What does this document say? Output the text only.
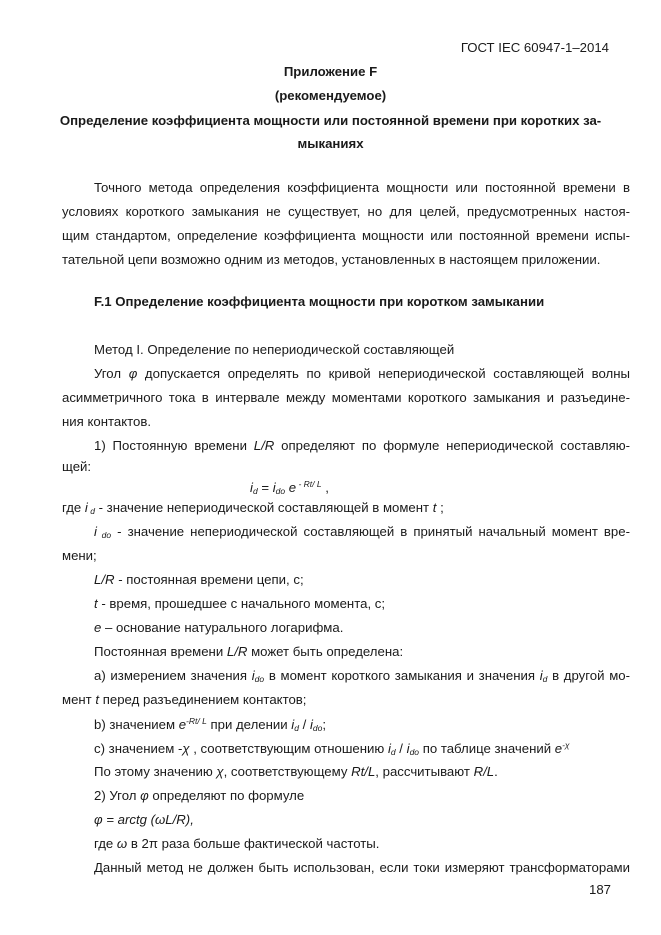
ГОСТ IEC 60947-1–2014
Приложение F
(рекомендуемое)
Определение коэффициента мощности или постоянной времени при коротких за-
мыканиях
Точного метода определения коэффициента мощности или постоянной времени в
условиях короткого замыкания не существует, но для целей, предусмотренных настоя-
щим стандартом, определение коэффициента мощности или постоянной времени испы-
тательной цепи возможно одним из методов, установленных в настоящем приложении.
F.1 Определение коэффициента мощности при коротком замыкании
Метод I. Определение по непериодической составляющей
Угол φ допускается определять по кривой непериодической составляющей волны
асимметричного тока в интервале между моментами короткого замыкания и разъедине-
ния контактов.
1) Постоянную времени L/R определяют по формуле непериодической составляю-
щей:
$i_d = i_{do}$ e $^{- Rt/ L}$ ,
где i $_d$ - значение непериодической составляющей в момент t ;
i $_{do}$ - значение непериодической составляющей в принятый начальный момент вре-
мени;
L/R - постоянная времени цепи, с;
t - время, прошедшее с начального момента, с;
e – основание натурального логарифма.
Постоянная времени L/R может быть определена:
a) измерением значения $i_{do}$ в момент короткого замыкания и значения $i_d$ в другой мо-
мент t перед разъединением контактов;
b) значением $e^{-Rt/ L}$ при делении $i_d / i_{do}$;
c) значением -χ , соответствующим отношению $i_d / i_{do}$ по таблице значений $e^{-\chi}$
По этому значению χ, соответствующему Rt/L, рассчитывают R/L.
2) Угол φ определяют по формуле
φ = arctg (ωL/R),
где ω в 2π раза больше фактической частоты.
Данный метод не должен быть использован, если токи измеряют трансформаторами
187
